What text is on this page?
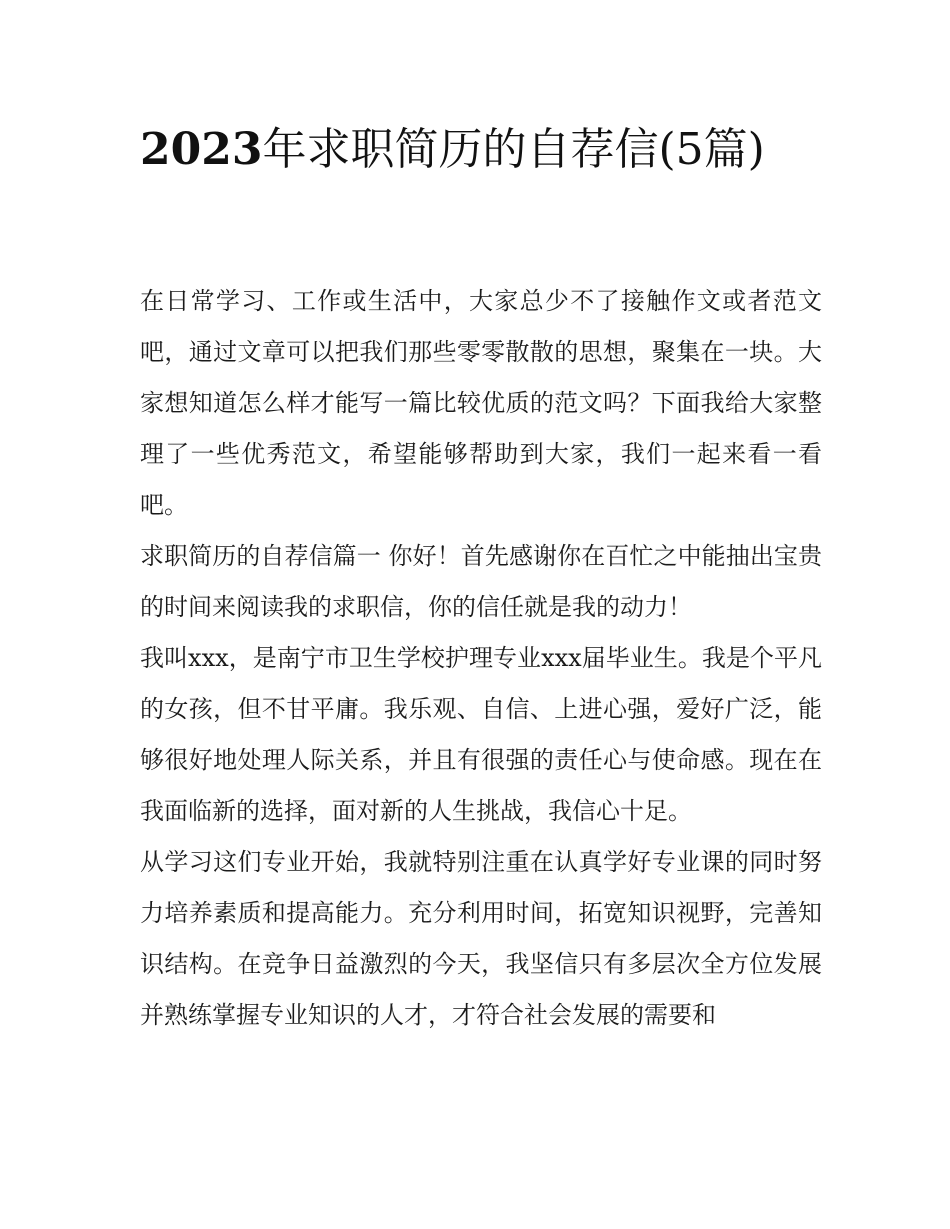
2023年求职简历的自荐信(5篇)

在日常学习、工作或生活中，大家总少不了接触作文或者范文吧，通过文章可以把我们那些零零散散的思想，聚集在一块。大家想知道怎么样才能写一篇比较优质的范文吗？下面我给大家整理了一些优秀范文，希望能够帮助到大家，我们一起来看一看吧。

求职简历的自荐信篇一 你好！首先感谢你在百忙之中能抽出宝贵的时间来阅读我的求职信，你的信任就是我的动力！

我叫xxx，是南宁市卫生学校护理专业xxx届毕业生。我是个平凡的女孩，但不甘平庸。我乐观、自信、上进心强，爱好广泛，能够很好地处理人际关系，并且有很强的责任心与使命感。现在在我面临新的选择，面对新的人生挑战，我信心十足。

从学习这们专业开始，我就特别注重在认真学好专业课的同时努力培养素质和提高能力。充分利用时间，拓宽知识视野，完善知识结构。在竞争日益激烈的今天，我坚信只有多层次全方位发展并熟练掌握专业知识的人才，才符合社会发展的需要和
